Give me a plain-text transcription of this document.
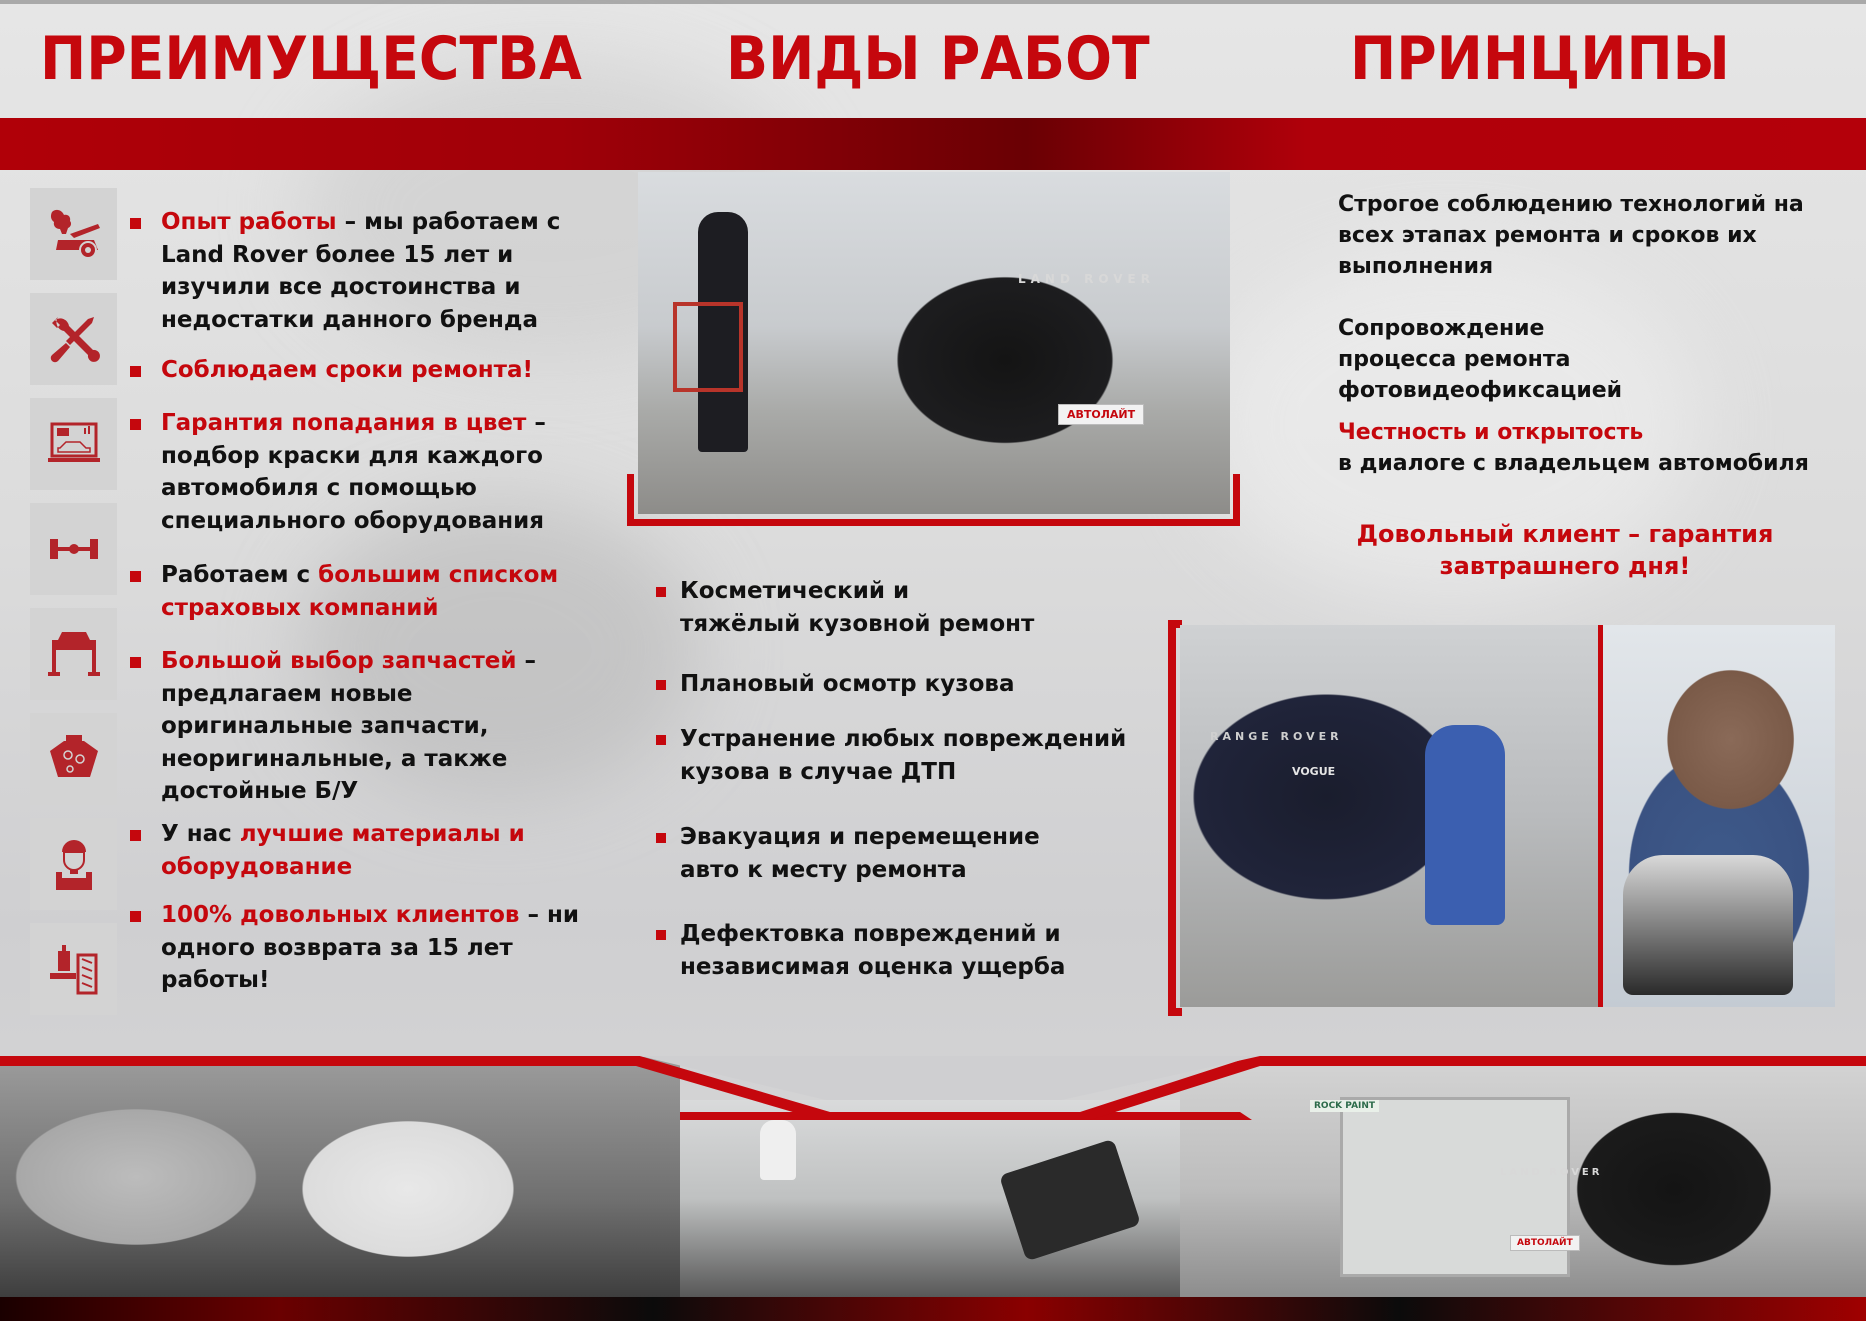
ПРЕИМУЩЕСТВА ВИДЫ РАБОТ	ПРИНЦИПЫ
Опыт работы – мы работаем с Land Rover более 15 лет и изучили все достоинства и недостатки данного бренда
Соблюдаем сроки ремонта!
Гарантия попадания в цвет – подбор краски для каждого автомобиля с помощью специального оборудования
Работаем с большим списком страховых компаний
Большой выбор запчастей – предлагаем новые оригинальные запчасти, неоригинальные, а также достойные Б/У
У нас лучшие материалы и оборудование
100% довольных клиентов – ни одного возврата за 15 лет работы!
LAND ROVER
АВТОЛАЙТ
Косметический и тяжёлый кузовной ремонт
Плановый осмотр кузова
Устранение любых повреждений кузова в случае ДТП
Эвакуация и перемещение авто к месту ремонта
Дефектовка повреждений и независимая оценка ущерба
Строгое соблюдению технологий на всех этапах ремонта и сроков их выполнения
Сопровождение процесса ремонта фотовидеофиксацией
Честность и открытость
в диалоге с владельцем автомобиля
Довольный клиент – гарантия завтрашнего дня!
RANGE ROVER
VOGUE
ROCK PAINT
LAND ROVER
АВТОЛАЙТ
